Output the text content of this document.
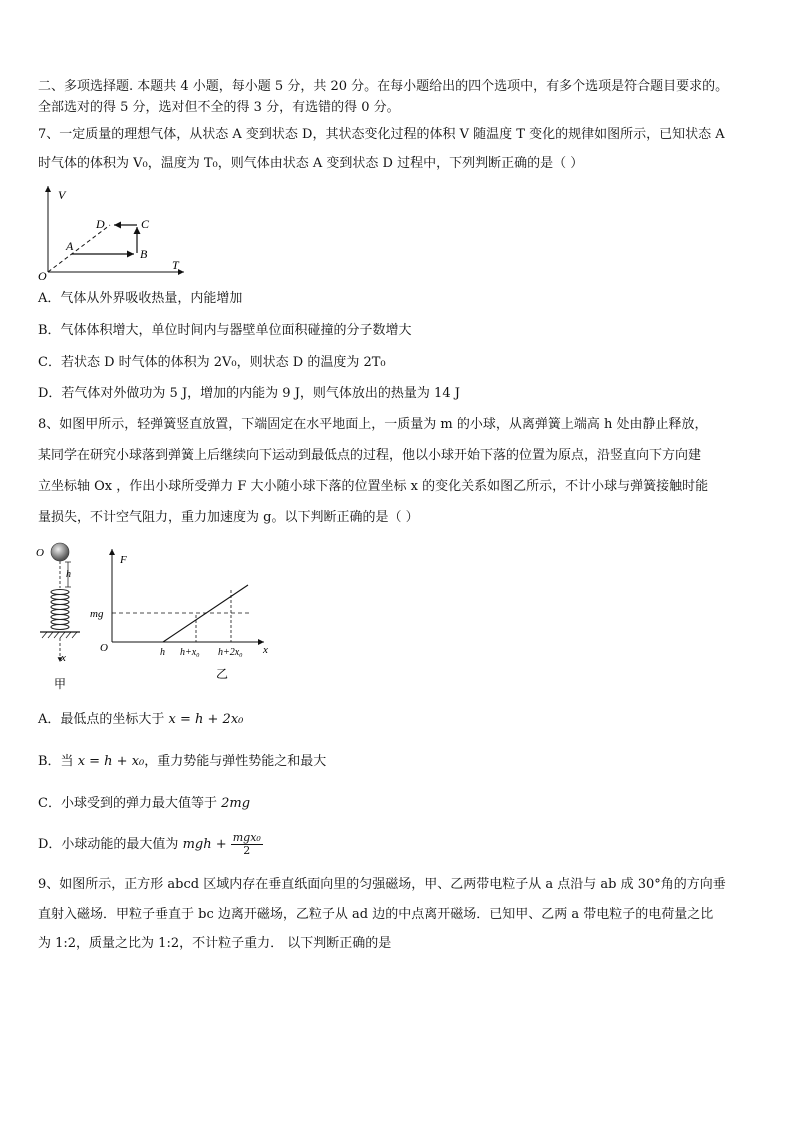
二、多项选择题. 本题共 4 小题，每小题 5 分，共 20 分。在每小题给出的四个选项中，有多个选项是符合题目要求的。
全部选对的得 5 分，选对但不全的得 3 分，有选错的得 0 分。
7、一定质量的理想气体，从状态 A 变到状态 D，其状态变化过程的体积 V 随温度 T 变化的规律如图所示，已知状态 A
时气体的体积为 V₀，温度为 T₀，则气体由状态 A 变到状态 D 过程中，下列判断正确的是（ ）
V
T
O
A
B
C
D
A．气体从外界吸收热量，内能增加
B．气体体积增大，单位时间内与器壁单位面积碰撞的分子数增大
C．若状态 D 时气体的体积为 2V₀，则状态 D 的温度为 2T₀
D．若气体对外做功为 5 J，增加的内能为 9 J，则气体放出的热量为 14 J
8、如图甲所示，轻弹簧竖直放置，下端固定在水平地面上，一质量为 m 的小球，从离弹簧上端高 h 处由静止释放，
某同学在研究小球落到弹簧上后继续向下运动到最低点的过程，他以小球开始下落的位置为原点，沿竖直向下方向建
立坐标轴 Ox ，作出小球所受弹力 F 大小随小球下落的位置坐标 x 的变化关系如图乙所示，不计小球与弹簧接触时能
量损失，不计空气阻力，重力加速度为 g。以下判断正确的是（ ）
O
h
x
甲
F
x
O
mg
h h+x₀ h+2x₀
乙
A．最低点的坐标大于 x = h + 2x₀
B．当 x = h + x₀，重力势能与弹性势能之和最大
C．小球受到的弹力最大值等于 2mg
D．小球动能的最大值为 mgh + $\frac{\text{mgx₀}}{2}$
9、如图所示，正方形 abcd 区域内存在垂直纸面向里的匀强磁场，甲、乙两带电粒子从 a 点沿与 ab 成 30°角的方向垂
直射入磁场．甲粒子垂直于 bc 边离开磁场，乙粒子从 ad 边的中点离开磁场．已知甲、乙两 a 带电粒子的电荷量之比
为 1:2，质量之比为 1:2，不计粒子重力． 以下判断正确的是
